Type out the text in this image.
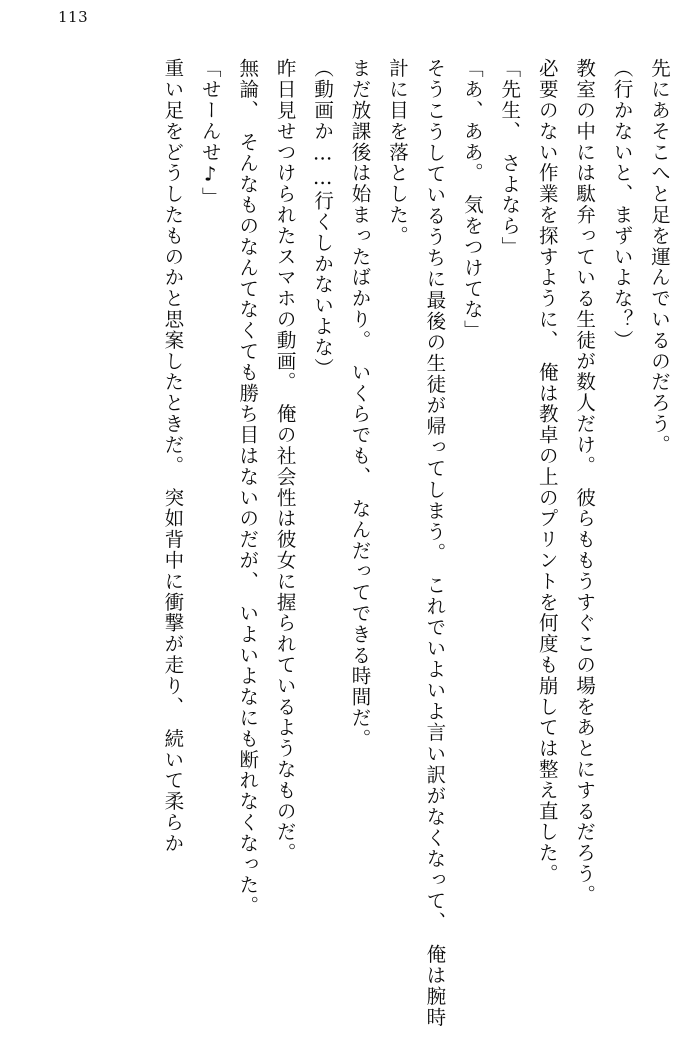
113

先にあそこへと足を運んでいるのだろう。

（行かないと、まずいよな？）

教室の中には駄弁っている生徒が数人だけ。　彼らももうすぐこの場をあとにするだろう。

必要のない作業を探すように、　俺は教卓の上のプリントを何度も崩しては整え直した。

「先生、　さよなら」

「あ、ああ。　気をつけてな」

そうこうしているうちに最後の生徒が帰ってしまう。　これでいよいよ言い訳がなくなって、　俺は腕時計に目を落とした。

まだ放課後は始まったばかり。　いくらでも、　なんだってできる時間だ。

（動画か……行くしかないよな）

昨日見せつけられたスマホの動画。　俺の社会性は彼女に握られているようなものだ。

無論、　そんなものなんてなくても勝ち目はないのだが、　いよいよなにも断れなくなった。

「せーんせ♪」

重い足をどうしたものかと思案したときだ。　突如背中に衝撃が走り、　続いて柔らか
